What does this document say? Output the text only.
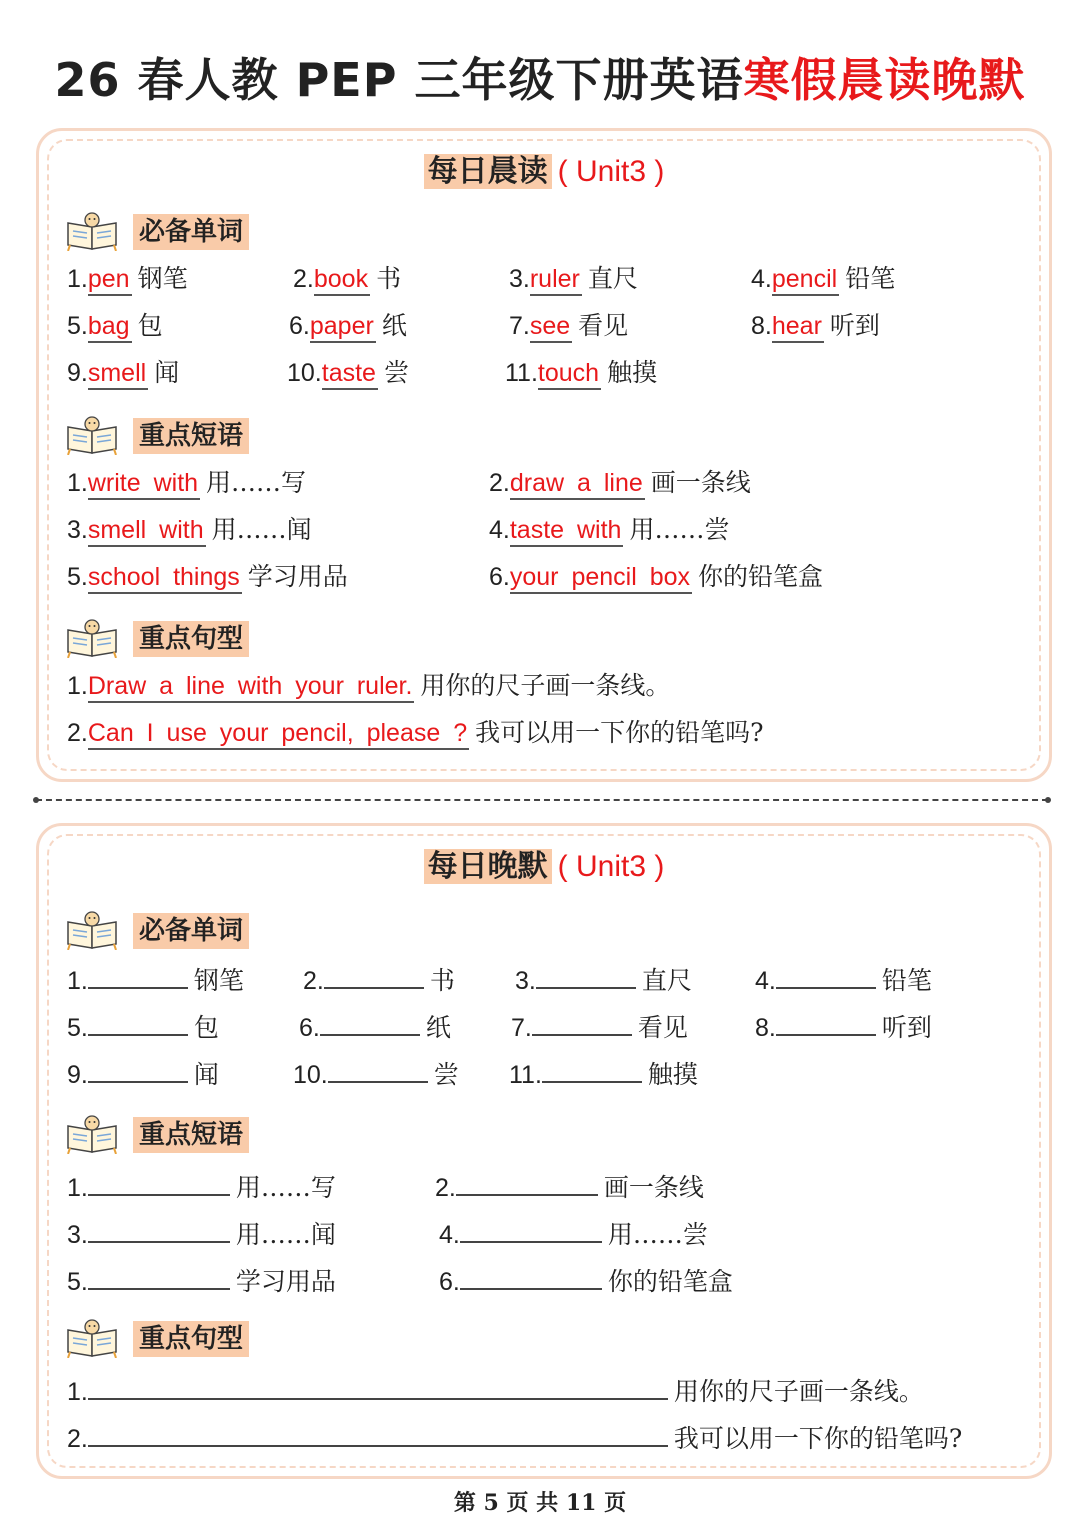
26 春人教 PEP 三年级下册英语寒假晨读晚默
每日晨读 ( Unit3 )
必备单词
1.pen 钢笔	2.book 书	3.ruler 直尺	4.pencil 铅笔
5.bag 包	6.paper 纸	7.see 看见	8.hear 听到
9.smell 闻	10.taste 尝	11.touch 触摸
重点短语
1.write with 用……写	2.draw a line 画一条线
3.smell with 用……闻	4.taste with 用……尝
5.school things 学习用品	6.your pencil box 你的铅笔盒
重点句型
1.Draw a line with your ruler. 用你的尺子画一条线。
2.Can I use your pencil, please ? 我可以用一下你的铅笔吗?
每日晚默 ( Unit3 )
必备单词
1.	钢笔 2.	书 3.	直尺	4.	铅笔
5.	包	6.	纸 7.	看见	8.	听到
9.	闻	10.	尝 11.	触摸
重点短语
1.	用……写	2.	画一条线
3.	用……闻	4.	用……尝
5.	学习用品	6.	你的铅笔盒
重点句型
1.	用你的尺子画一条线。
2.	我可以用一下你的铅笔吗?
第 5 页 共 11 页
